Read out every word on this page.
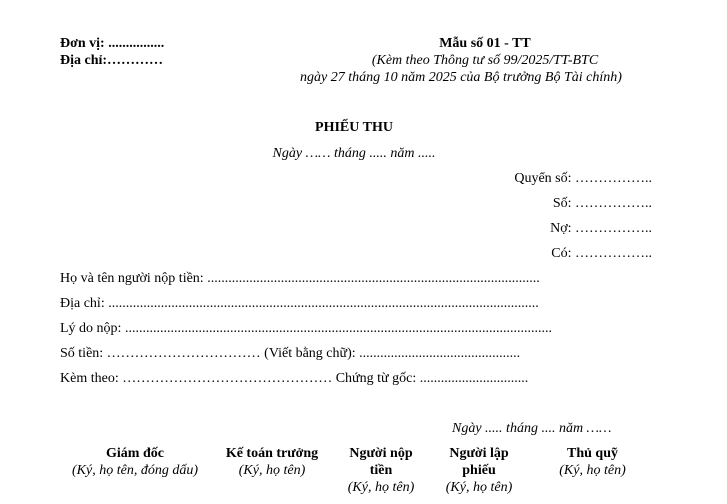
Đơn vị: ................
Địa chỉ:…………
Mẫu số 01 - TT
(Kèm theo Thông tư số 99/2025/TT-BTC
ngày 27 tháng 10 năm 2025 của Bộ trưởng Bộ Tài chính)
PHIẾU THU
Ngày …… tháng ..... năm .....
Quyển số: ……………..
Số: ……………..
Nợ: ……………..
Có: ……………..
Họ và tên người nộp tiền: ...............................................................................................
Địa chỉ: ...........................................................................................................................
Lý do nộp: ..........................................................................................................................
Số tiền: …………………………… (Viết bằng chữ): ..............................................
Kèm theo: ……………………………………… Chứng từ gốc: ...............................
Ngày ..... tháng .... năm ……
Giám đốc
(Ký, họ tên, đóng dấu)
Kế toán trưởng
(Ký, họ tên)
Người nộp
tiền
(Ký, họ tên)
Người lập
phiếu
(Ký, họ tên)
Thủ quỹ
(Ký, họ tên)
